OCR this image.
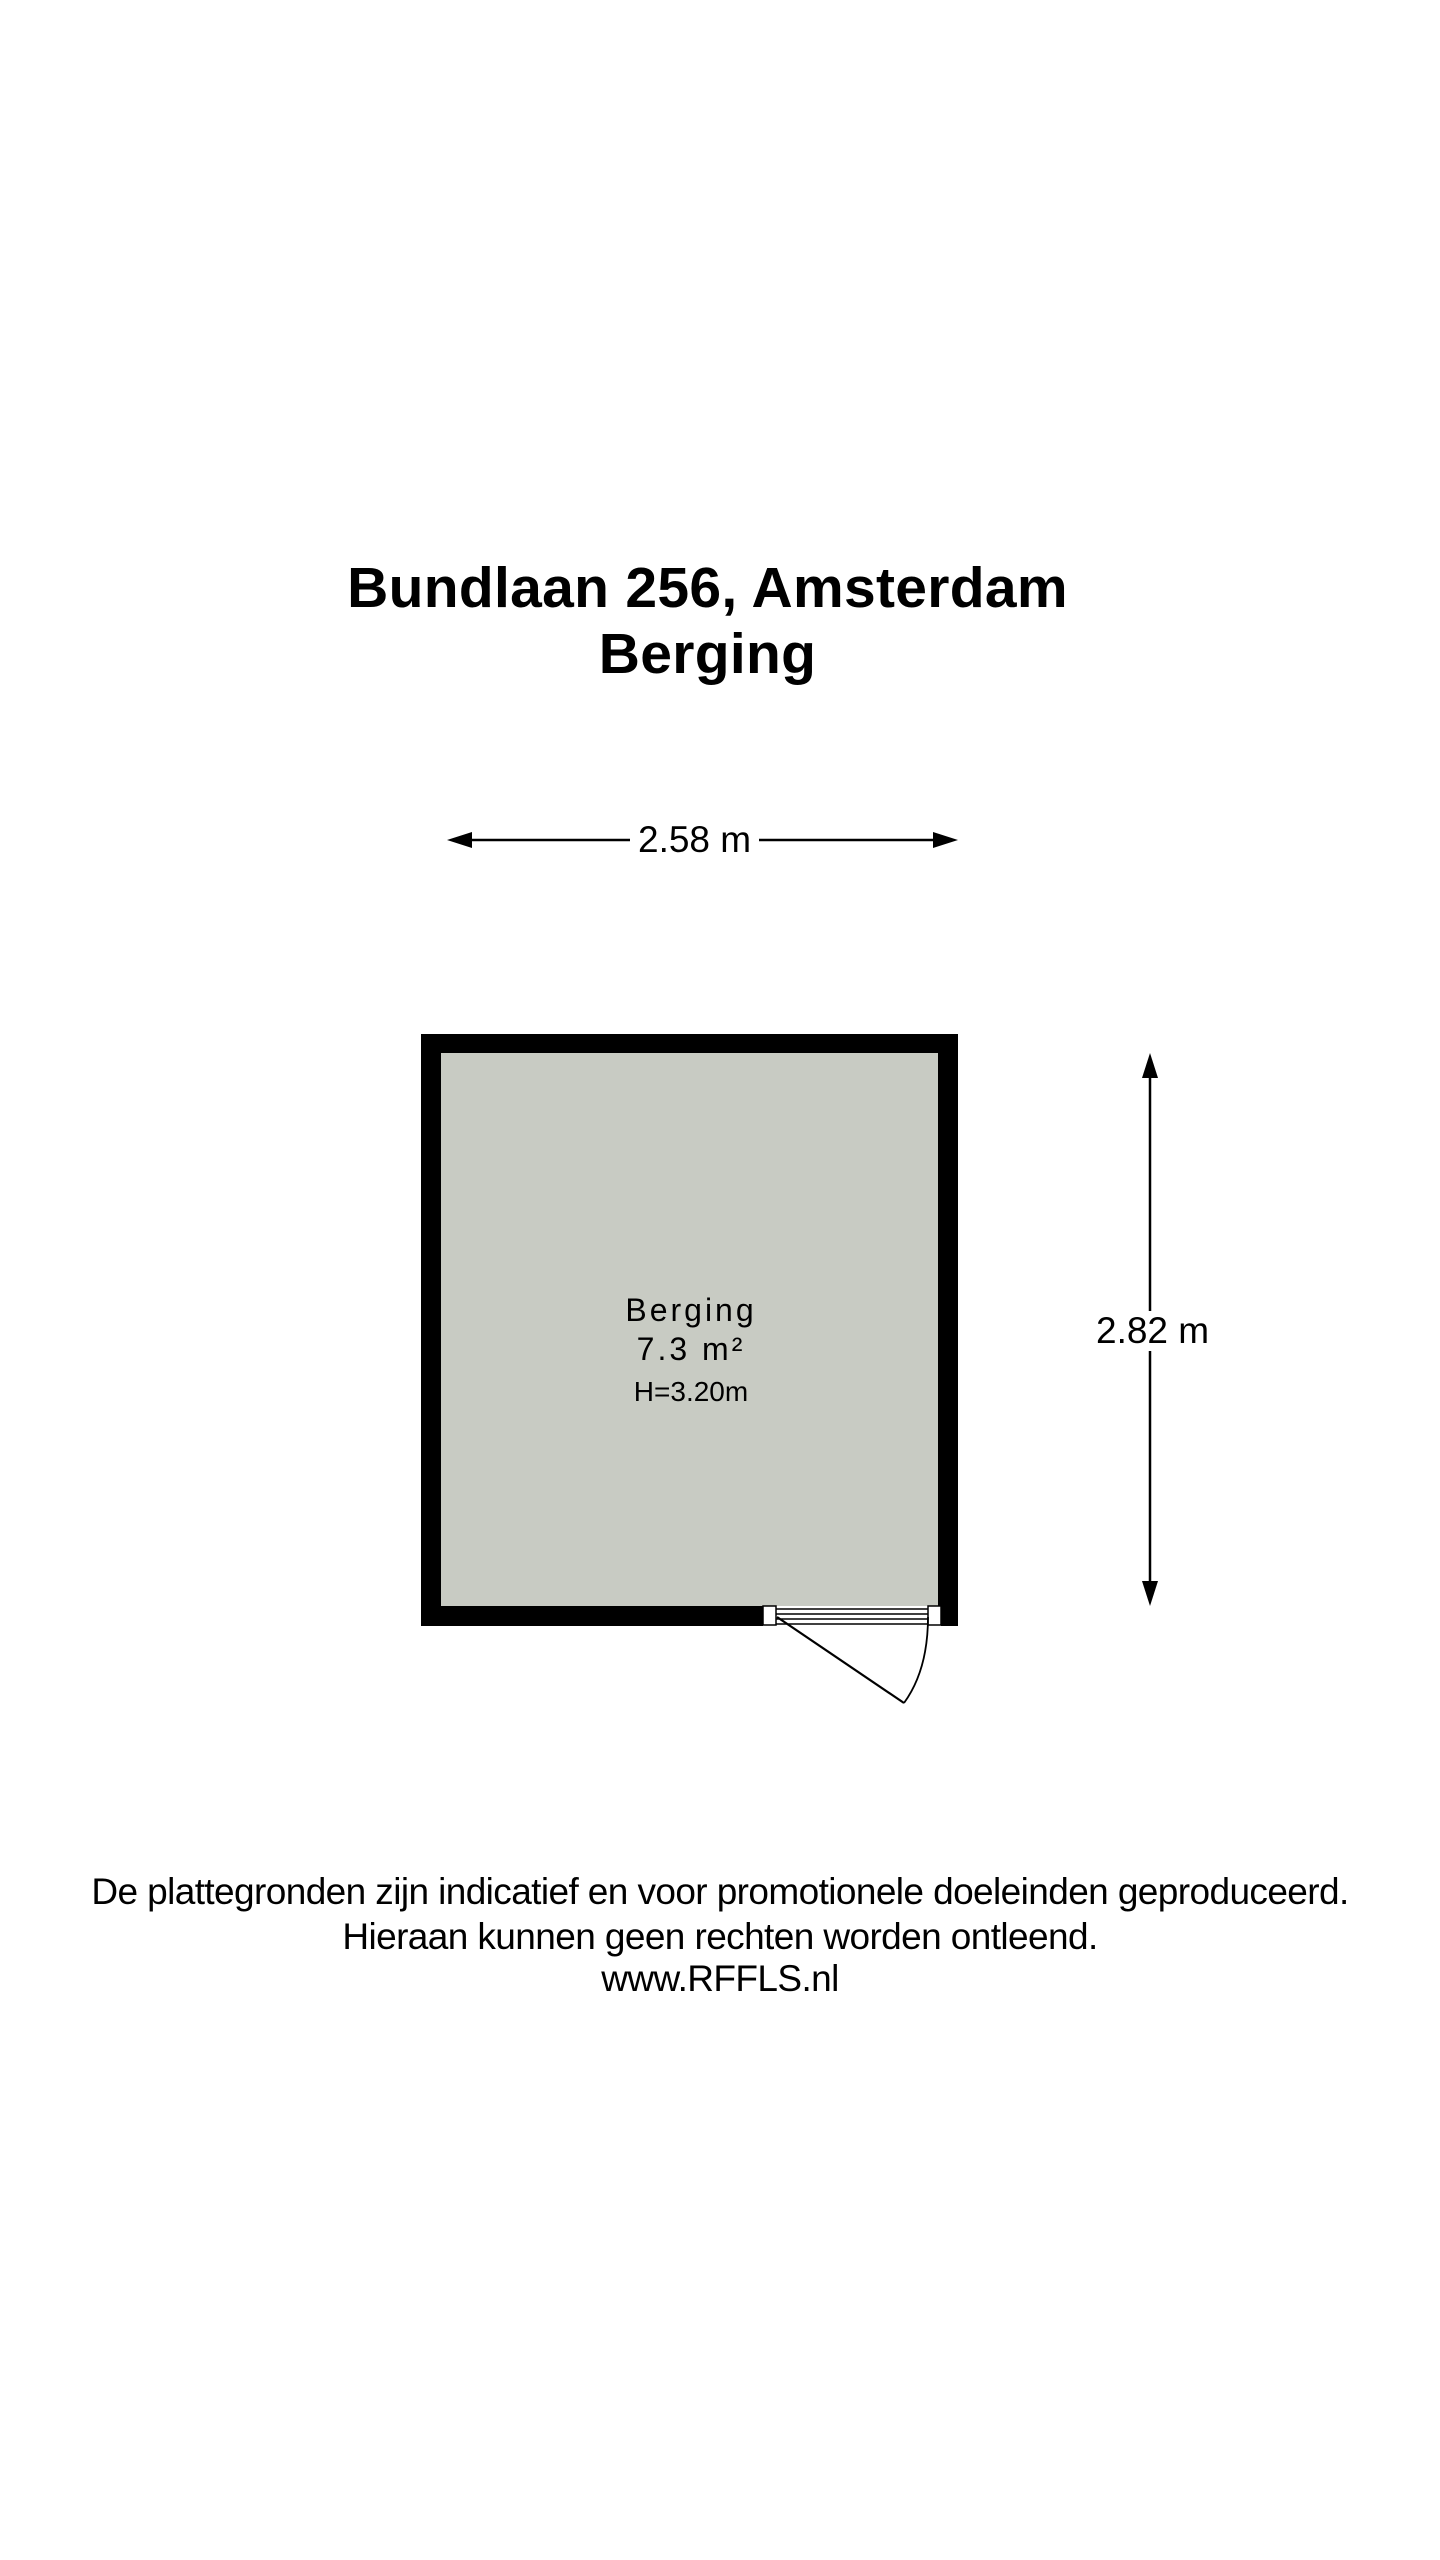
Bundlaan 256, Amsterdam
Berging
2.58 m
2.82 m
Berging
7.3 m²
H=3.20m
De plattegronden zijn indicatief en voor promotionele doeleinden geproduceerd.
Hieraan kunnen geen rechten worden ontleend.
www.RFFLS.nl
